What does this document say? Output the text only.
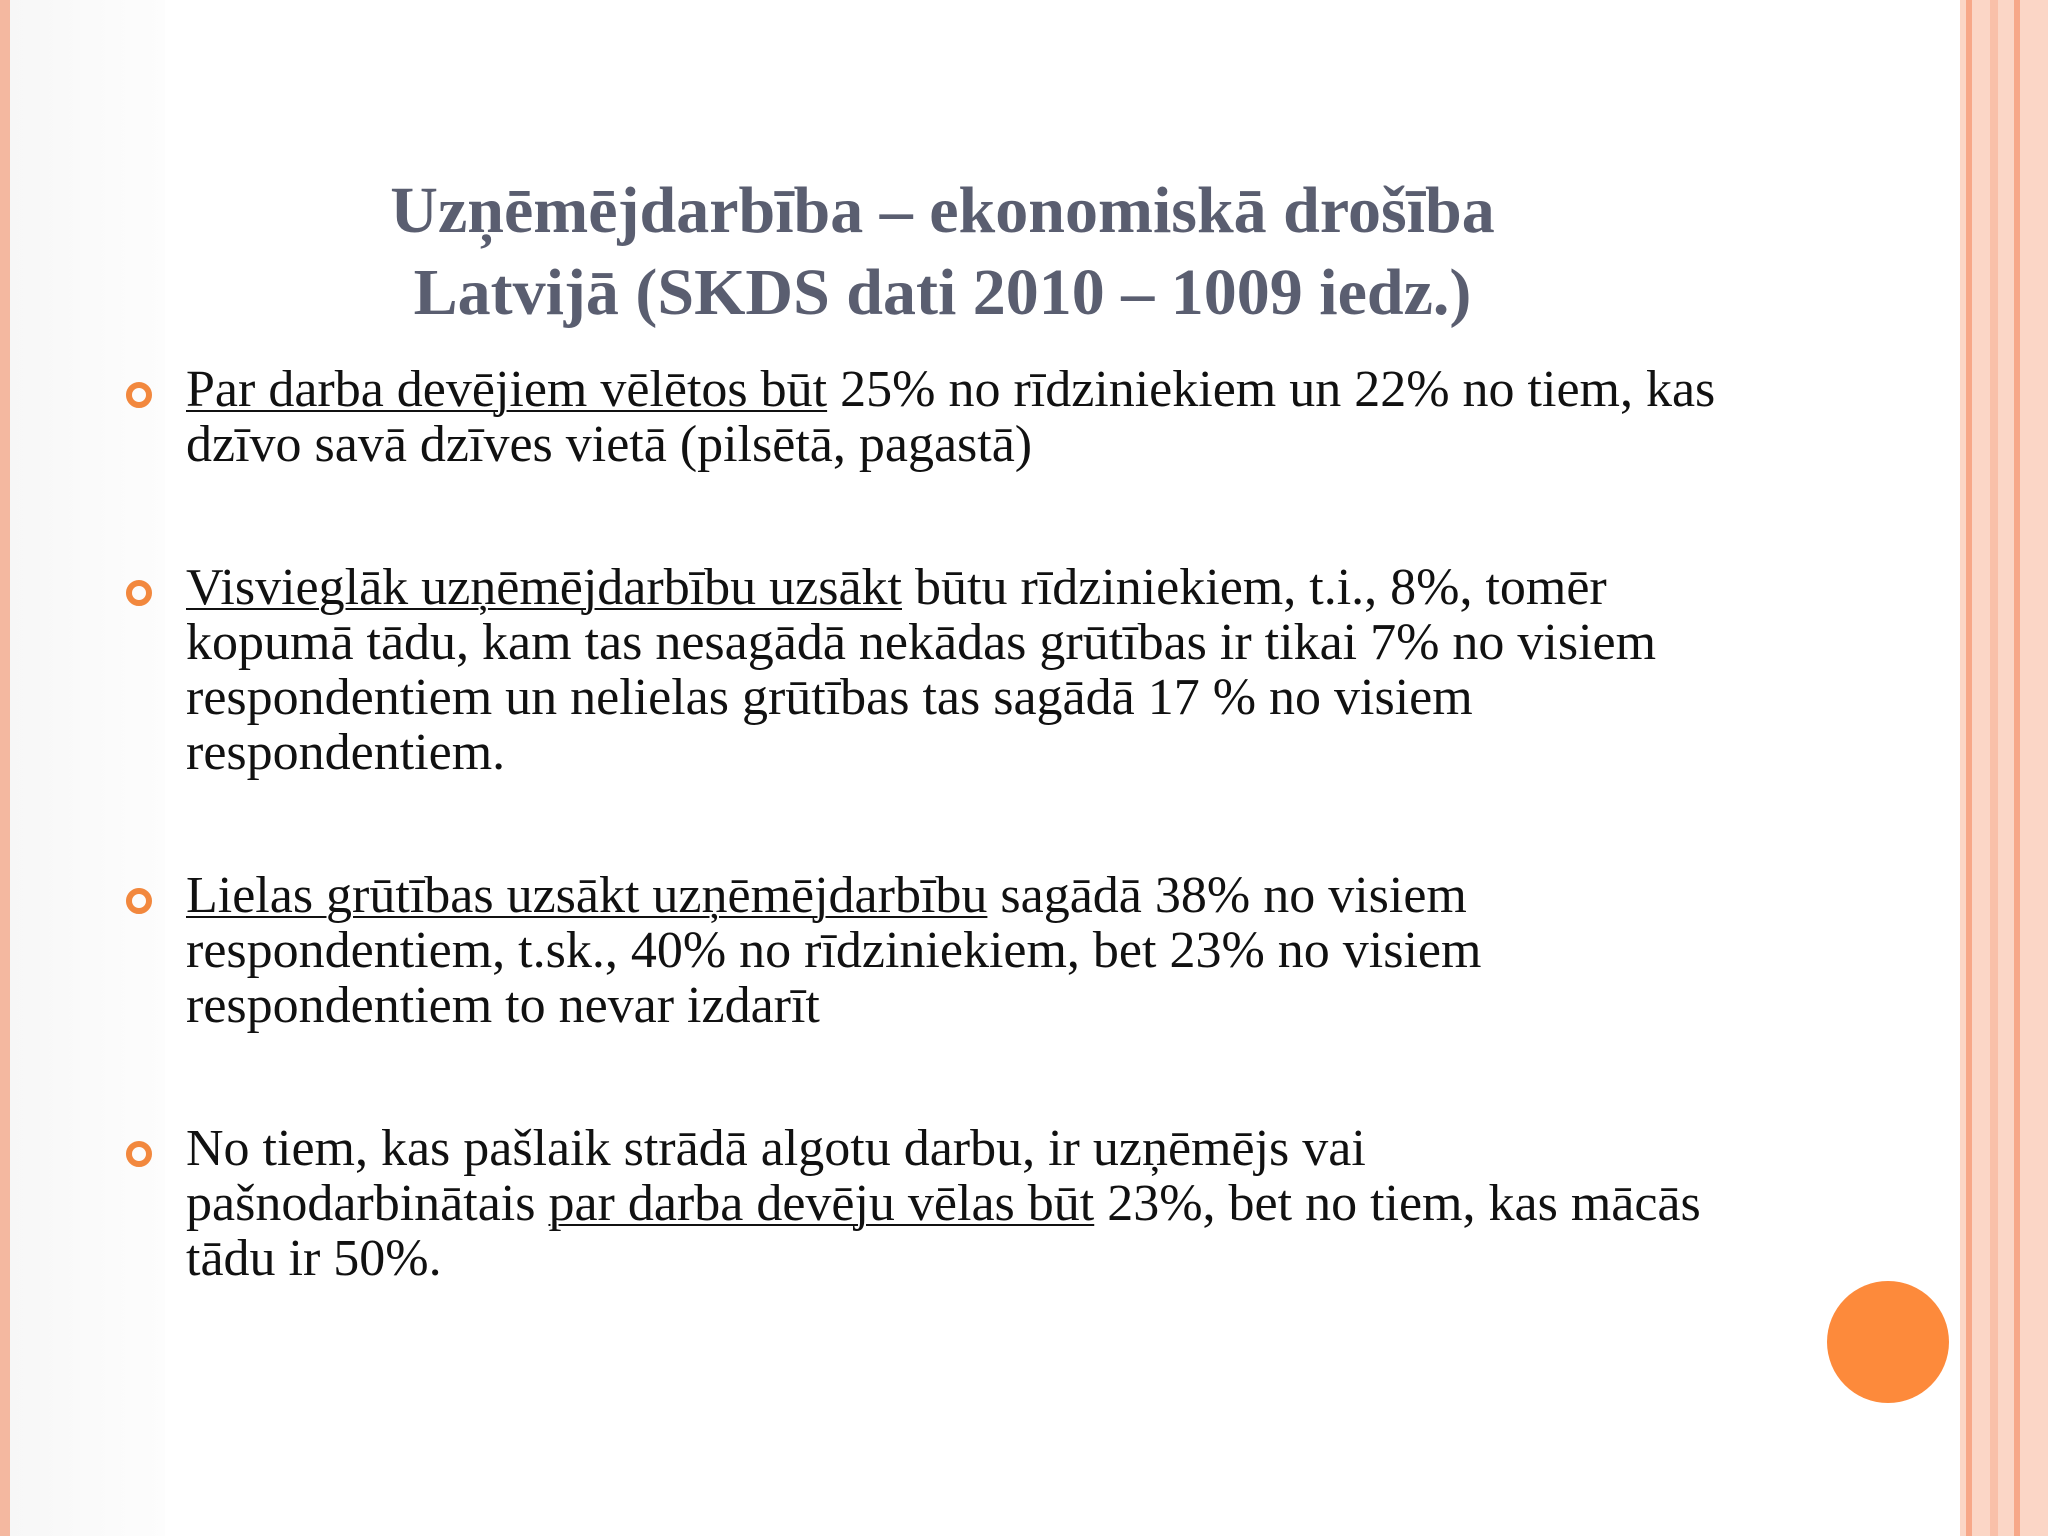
Uzņēmējdarbība – ekonomiskā drošība
Latvijā (SKDS dati 2010 – 1009 iedz.)
Par darba devējiem vēlētos būt 25% no rīdziniekiem un 22% no tiem, kas dzīvo savā dzīves vietā (pilsētā, pagastā)
Visvieglāk uzņēmējdarbību uzsākt būtu rīdziniekiem, t.i., 8%, tomēr kopumā tādu, kam tas nesagādā nekādas grūtības ir tikai 7% no visiem respondentiem un nelielas grūtības tas sagādā 17 % no visiem respondentiem.
Lielas grūtības uzsākt uzņēmējdarbību sagādā 38% no visiem respondentiem, t.sk., 40% no rīdziniekiem, bet 23% no visiem respondentiem to nevar izdarīt
No tiem, kas pašlaik strādā algotu darbu, ir uzņēmējs vai pašnodarbinātais par darba devēju vēlas būt 23%, bet no tiem, kas mācās tādu ir 50%.
